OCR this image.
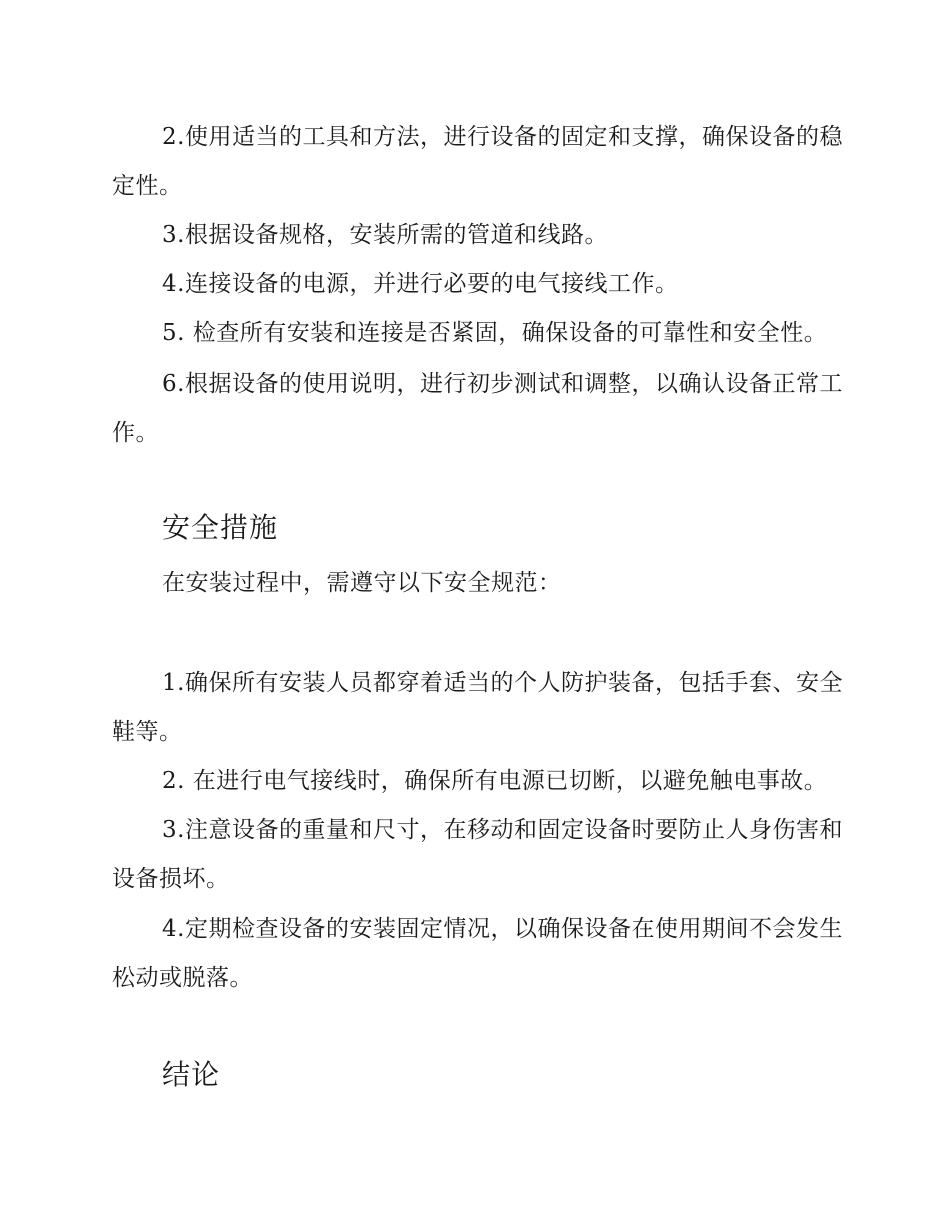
2.使用适当的工具和方法，进行设备的固定和支撑，确保设备的稳定性。

3.根据设备规格，安装所需的管道和线路。

4.连接设备的电源，并进行必要的电气接线工作。

5. 检查所有安装和连接是否紧固，确保设备的可靠性和安全性。

6.根据设备的使用说明，进行初步测试和调整，以确认设备正常工作。

安全措施

在安装过程中，需遵守以下安全规范：

1.确保所有安装人员都穿着适当的个人防护装备，包括手套、安全鞋等。

2. 在进行电气接线时，确保所有电源已切断，以避免触电事故。

3.注意设备的重量和尺寸，在移动和固定设备时要防止人身伤害和设备损坏。

4.定期检查设备的安装固定情况，以确保设备在使用期间不会发生松动或脱落。

结论
